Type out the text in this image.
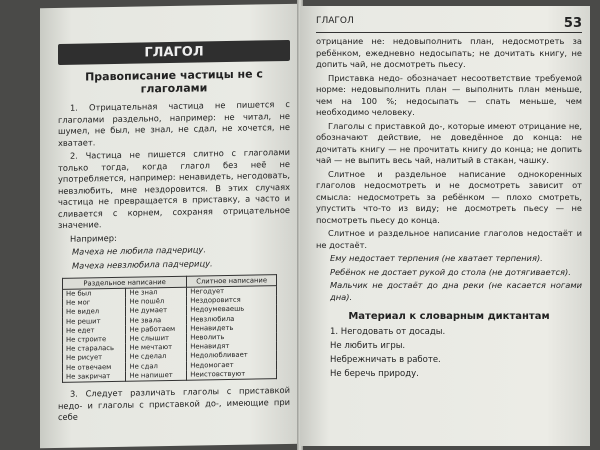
ГЛАГОЛ
Правописание частицы не с глаголами

1. Отрицательная частица не пишется с глаголами раздельно, например: не читал, не шумел, не был, не знал, не сдал, не хочется, не хватает.

2. Частица не пишется слитно с глаголами только тогда, когда глагол без неё не употребляется, например: ненавидеть, негодовать, невзлюбить, мне нездоровится. В этих случаях частица не превращается в приставку, а часто и сливается с корнем, сохраняя отрицательное значение.

Например:

Мачеха не любила падчерицу.

Мачеха невзлюбила падчерицу.

Раздельное написание		Слитное написание
Не был	Не знал	Негодует
Не мог	Не пошёл	Нездоровится
Не видел	Не думает	Недоумеваешь
Не решит	Не звала	Невзлюбила
Не едет	Не работаем	Ненавидеть
Не строите	Не слышит	Неволить
Не старалась	Не мечтают	Ненавидят
Не рисует	Не сделал	Недолюбливает
Не отвечаем	Не сдал	Недомогает
Не закричат	Не напишет	Неистовствуют

3. Следует различать глаголы с приставкой недо- и глаголы с приставкой до-, имеющие при себе

ГЛАГОЛ	53

отрицание не: недовыполнить план, недосмотреть за ребёнком, ежедневно недосыпать; не дочитать книгу, не допить чай, не досмотреть пьесу.

Приставка недо- обозначает несоответствие требуемой норме: недовыполнить план — выполнить план меньше, чем на 100 %; недосыпать — спать меньше, чем необходимо человеку.

Глаголы с приставкой до-, которые имеют отрицание не, обозначают действие, не доведённое до конца: не дочитать книгу — не прочитать книгу до конца; не допить чай — не выпить весь чай, налитый в стакан, чашку.

Слитное и раздельное написание однокоренных глаголов недосмотреть и не досмотреть зависит от смысла: недосмотреть за ребёнком — плохо смотреть, упустить что-то из виду; не досмотреть пьесу — не посмотреть пьесу до конца.

Слитное и раздельное написание глаголов недостаёт и не достаёт.

Ему недостает терпения (не хватает терпения).

Ребёнок не достает рукой до стола (не дотягивается).

Мальчик не достаёт до дна реки (не касается ногами дна).

Материал к словарным диктантам

1. Негодовать от досады.

Не любить игры.

Небрежничать в работе.

Не беречь природу.
